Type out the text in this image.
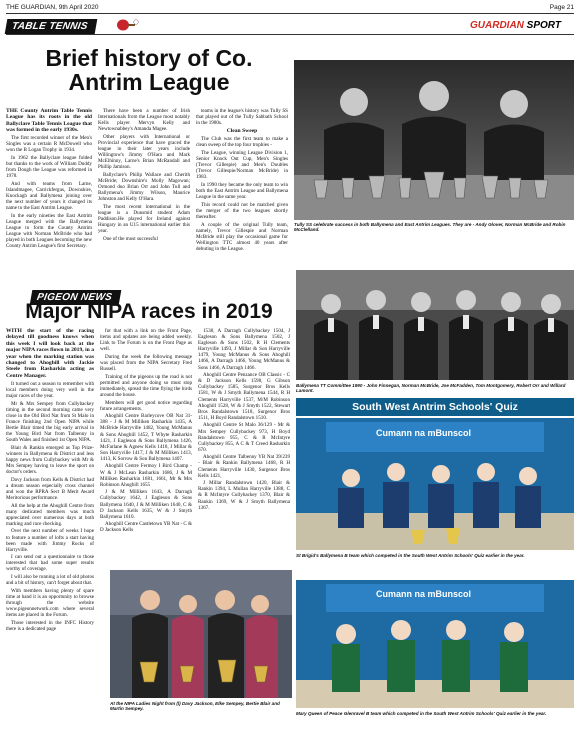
THE GUARDIAN, 9th April 2020	Page 21
TABLE TENNIS	GUARDIAN SPORT
Brief history of Co. Antrim League

THE County Antrim Table Tennis League has its roots in the old Ballyclare Table Tennis League that was formed in the early 1930s.

The first recorded winner of the Men's Singles was a certain R McDowell who won the B Logan Trophy in 1934.

In 1962 the Ballyclare league folded but thanks to the work of William Duddy from Dough the League was reformed in 1978.

And with teams from Larne, Islandmagee, Carrickfergus, Downshire, Knockagh and Ballymena joining over the next number of years it changed its name to the East Antrim League.

In the early nineties the East Antrim League merged with the Ballymena League to form the County Antrim League with Norman McBride who had played in both Leagues becoming the new County Antrim League's first Secretary.

There have been a number of Irish Internationals from the League most notably Kells player Mervyn Kelly and Newtownabbey's Amanda Magee.

Other players with International or Provincial experience that have graced the league in their later years include Willingtow's Jimmy O'Hara and Mark McElhinny, Larne's Brian McRandall and Phillip Jamison.

Ballyclare's Philip Wallace and Cherith McBride; Downshire's Molly Magowan; Ormond duo Brian Orr and John Tull and Ballymena's Jimmy Wilson, Maurice Johnston and Kelly O'Hara.

The most recent international in the league is a Dunsmid student Adam Paddison.He played for Ireland against Hungary in an U15 international earlier this year.

One of the most successful

teams in the league's history was Tully SS that played out of the Tully Sabbath School in the 1980s.

Clean Sweep

The Club was the first team to make a clean sweep of the top four trophies -

The League, winning League Division 1, Senior Knock Out Cup, Men's Singles (Trevor Gillespie) and Men's Doubles (Trevor Gillespie/Norman McBride) in 1983.

In 1990 they became the only team to win both the East Antrim League and Ballymena League in the same year.

This record could not be matched given the merger of the two leagues shortly thereafter.

A couple of the original Tully team, namely, Trevor Gillespie and Norman McBride still play the occasional game for Wellington TTC almost 40 years after debuting in the League.

Tully SS celebrate success in both Ballymena and East Antrim Leagues. They are - Andy Glover, Norman McBride and Robin McClelland.
PIGEON NEWS
Major NIPA races in 2019

WITH the start of the racing delayed till goodness knows when this week I will look back at the major NIPA races flown in 2019, in a year when the marking station was changed to Ahoghill with Jackie Steele from Rasharkin acting as Centre Manager.

It turned out a season to remember with local members doing very well in the major races of the year.

Mr & Mrs Sempey from Cullybackey timing in the second morning came very close in the Old Bird Nat from St Malo in France finishing 2nd Open NIPA while Bertie Blair timed the big early arrival in the Young Bird Nat from Talbenny in South Wales and finished 1st Open NIPA.

Blair & Rankin emerged as Top Prize-winners in Ballymena & District and less happy news from Cullybackey with Mr & Mrs Sempey having to leave the sport on doctor's orders.

Davy Jackson from Kells & District had a dream season especially cross channel and won the RPRA Sect B Merit Award Meritorious performance.

All the help at the Ahoghill Centre from many dedicated members was much appreciated over numerous days at both marking and race checking.

Over the next number of weeks I hope to feature a number of lofts a start having been made with Jimmy Rocks of Harryville.

I can send out a questionnaire to those interested that had some super results worthy of coverage.

I will also be running a lot of old photos and a bit of history, can't forget about that.

With members having plenty of spare time at hand it is an opportunity to browse through the website www.pigeonnetwork.com where several items are placed in the Forum.

Those interested in the INFC History there is a dedicated page

for that with a link on the Front Page, items and updates are being added weekly. Link to The Forum is on the Front Page as well.

During the week the following message was placed from the NIPA Secretary Fred Russell.

Training of the pigeons up the road is not permitted and anyone doing so must stop immediately, spread the time flying the birds around the house.

Members will get good notice regarding future arrangements.

Ahoghill Centre Barleycove OB Nat 31-388 - J & M Milliken Rasharkin 1435, A McBride Harryville 1482, Young McManus & Sons Ahoghill 1452, T Whyte Rasharkin 1421, J Eagleson & Sons Ballymena 1426, McFarlane & Agnew Kells 1418, J Millar & Son Harryville 1417, J & M Milliken 1413, 1413, K Sorrow & Son Ballymena 1407.

Ahoghill Centre Fermoy I Bird Champ - W & J McLean Rasharkin 1686, J & M Milliken Rasharkin 1681, 1661, Mr & Mrs Robinson Ahoghill 1655

J & M Milliken 1643, A Darragh Cullybackey 1642, J Eagleson & Sons Ballymena 1640, J & M Milliken 1640, C & D Jackson Kells 1635, W & J Smyth Ballymena 1610.

Ahoghill Centre Castletown YB Nat - C & D Jackson Kells

1538, A Darragh Cullybackey 1504, J Eagleson & Sons Ballymena 1502, J Eagleson & Sons 1502, R H Clements Harryville 1493, J Millar & Son Harryville 1479, Young McManus & Sons Ahoghill 1466, A Darragh 1466, Young McManus & Sons 1466, A Darragh 1466.

Ahoghill Centre Penzance OB Classic - C & D Jackson Kells 1598, G Gibson Cullybackey 1585, Surgenor Bros Kells 1581, W & J Smyth Ballymena 1544, R H Clements Harryville 1537, M/M Robinson Ahoghill 1528, W & J Smyth 1522, Stewart Bros Randalstown 1518, Surgenor Bros 1511, H Boyd Randalstown 1510.

Ahoghill Centre St Malo 36/129 - Mr & Mrs Sempey Cullybackey 973, H Boyd Randalstown 955, C & R McIntyre Cullybackey 855, A C & T Creed Rasharkin 670.

Ahoghill Centre Talbenny YB Nat 39/239 - Blair & Rankin Ballymena 1468, R H Clements Harryville 1430, Surgenor Bros Kells 1421,

J Millar Randalstown 1420, Blair & Rankin 1394, L Mullan Harryville 1388, C & R McIntyre Cullybackey 1370, Blair & Rankin 1369, W & J Smyth Ballymena 1367.

Ballymena TT Committee 1990 - John Finnegan, Norman McBride, Joe McFadden, Tom Montgomery, Robert Orr and Willard Lamont.
South West Antrim Schools' Quiz
Cumann na mBunscol
St Brigid's Ballymena B team which competed in the South West Antrim Schools' Quiz earlier in the year.
Cumann na mBunscol
Mary Queen of Peace Glenravel B team which competed in the South West Antrim Schools' Quiz earlier in the year.
At the NIPA Ladies Night from (l) Davy Jackson, Elke Sempey, Bertie Blair and Martin Sempey.
